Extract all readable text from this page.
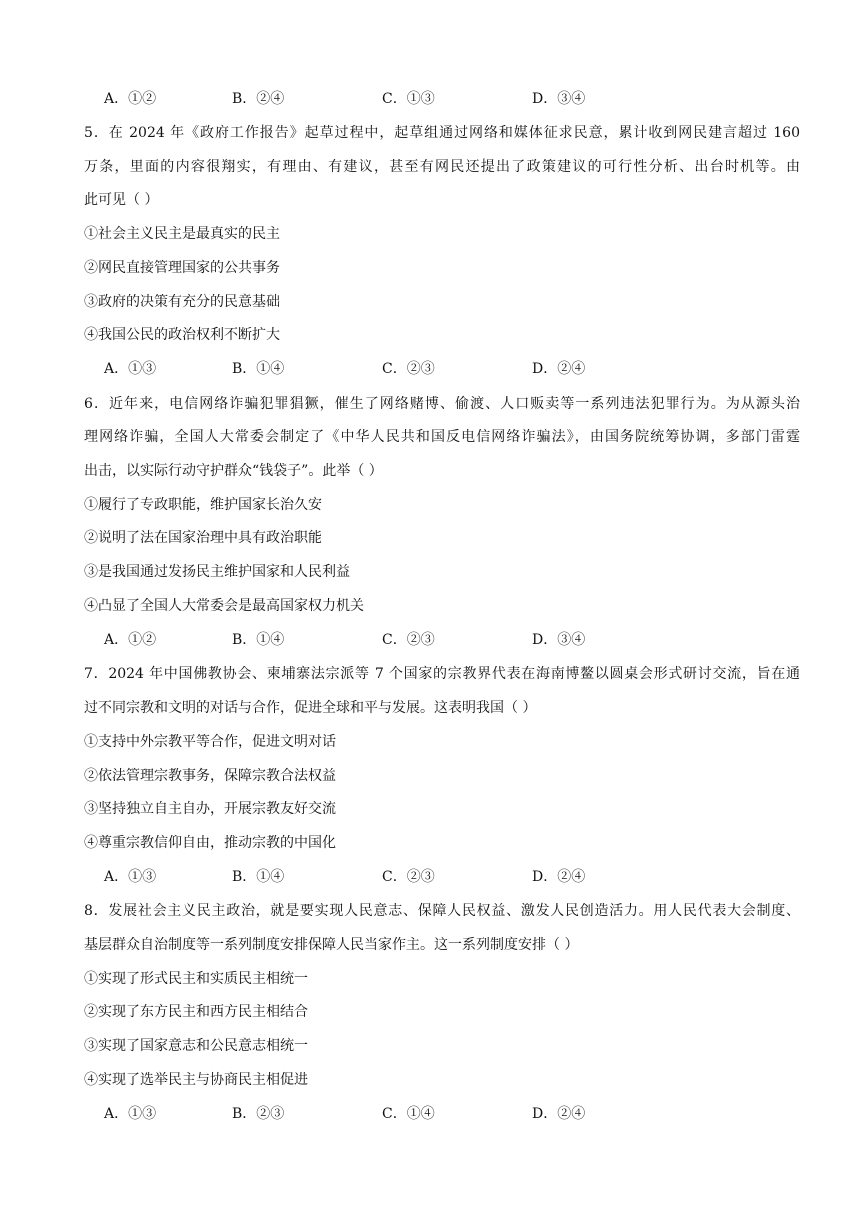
A．①②	B．②④	C．①③	D．③④
5．在 2024 年《政府工作报告》起草过程中，起草组通过网络和媒体征求民意，累计收到网民建言超过 160
万条，里面的内容很翔实，有理由、有建议，甚至有网民还提出了政策建议的可行性分析、出台时机等。由
此可见（ ）
①社会主义民主是最真实的民主
②网民直接管理国家的公共事务
③政府的决策有充分的民意基础
④我国公民的政治权利不断扩大
A．①③	B．①④	C．②③	D．②④
6．近年来，电信网络诈骗犯罪猖獗，催生了网络赌博、偷渡、人口贩卖等一系列违法犯罪行为。为从源头治
理网络诈骗，全国人大常委会制定了《中华人民共和国反电信网络诈骗法》，由国务院统筹协调，多部门雷霆
出击，以实际行动守护群众“钱袋子”。此举（ ）
①履行了专政职能，维护国家长治久安
②说明了法在国家治理中具有政治职能
③是我国通过发扬民主维护国家和人民利益
④凸显了全国人大常委会是最高国家权力机关
A．①②	B．①④	C．②③	D．③④
7．2024 年中国佛教协会、柬埔寨法宗派等 7 个国家的宗教界代表在海南博鳌以圆桌会形式研讨交流，旨在通
过不同宗教和文明的对话与合作，促进全球和平与发展。这表明我国（ ）
①支持中外宗教平等合作，促进文明对话
②依法管理宗教事务，保障宗教合法权益
③坚持独立自主自办，开展宗教友好交流
④尊重宗教信仰自由，推动宗教的中国化
A．①③	B．①④	C．②③	D．②④
8．发展社会主义民主政治，就是要实现人民意志、保障人民权益、激发人民创造活力。用人民代表大会制度、
基层群众自治制度等一系列制度安排保障人民当家作主。这一系列制度安排（ ）
①实现了形式民主和实质民主相统一
②实现了东方民主和西方民主相结合
③实现了国家意志和公民意志相统一
④实现了选举民主与协商民主相促进
A．①③	B．②③	C．①④	D．②④
